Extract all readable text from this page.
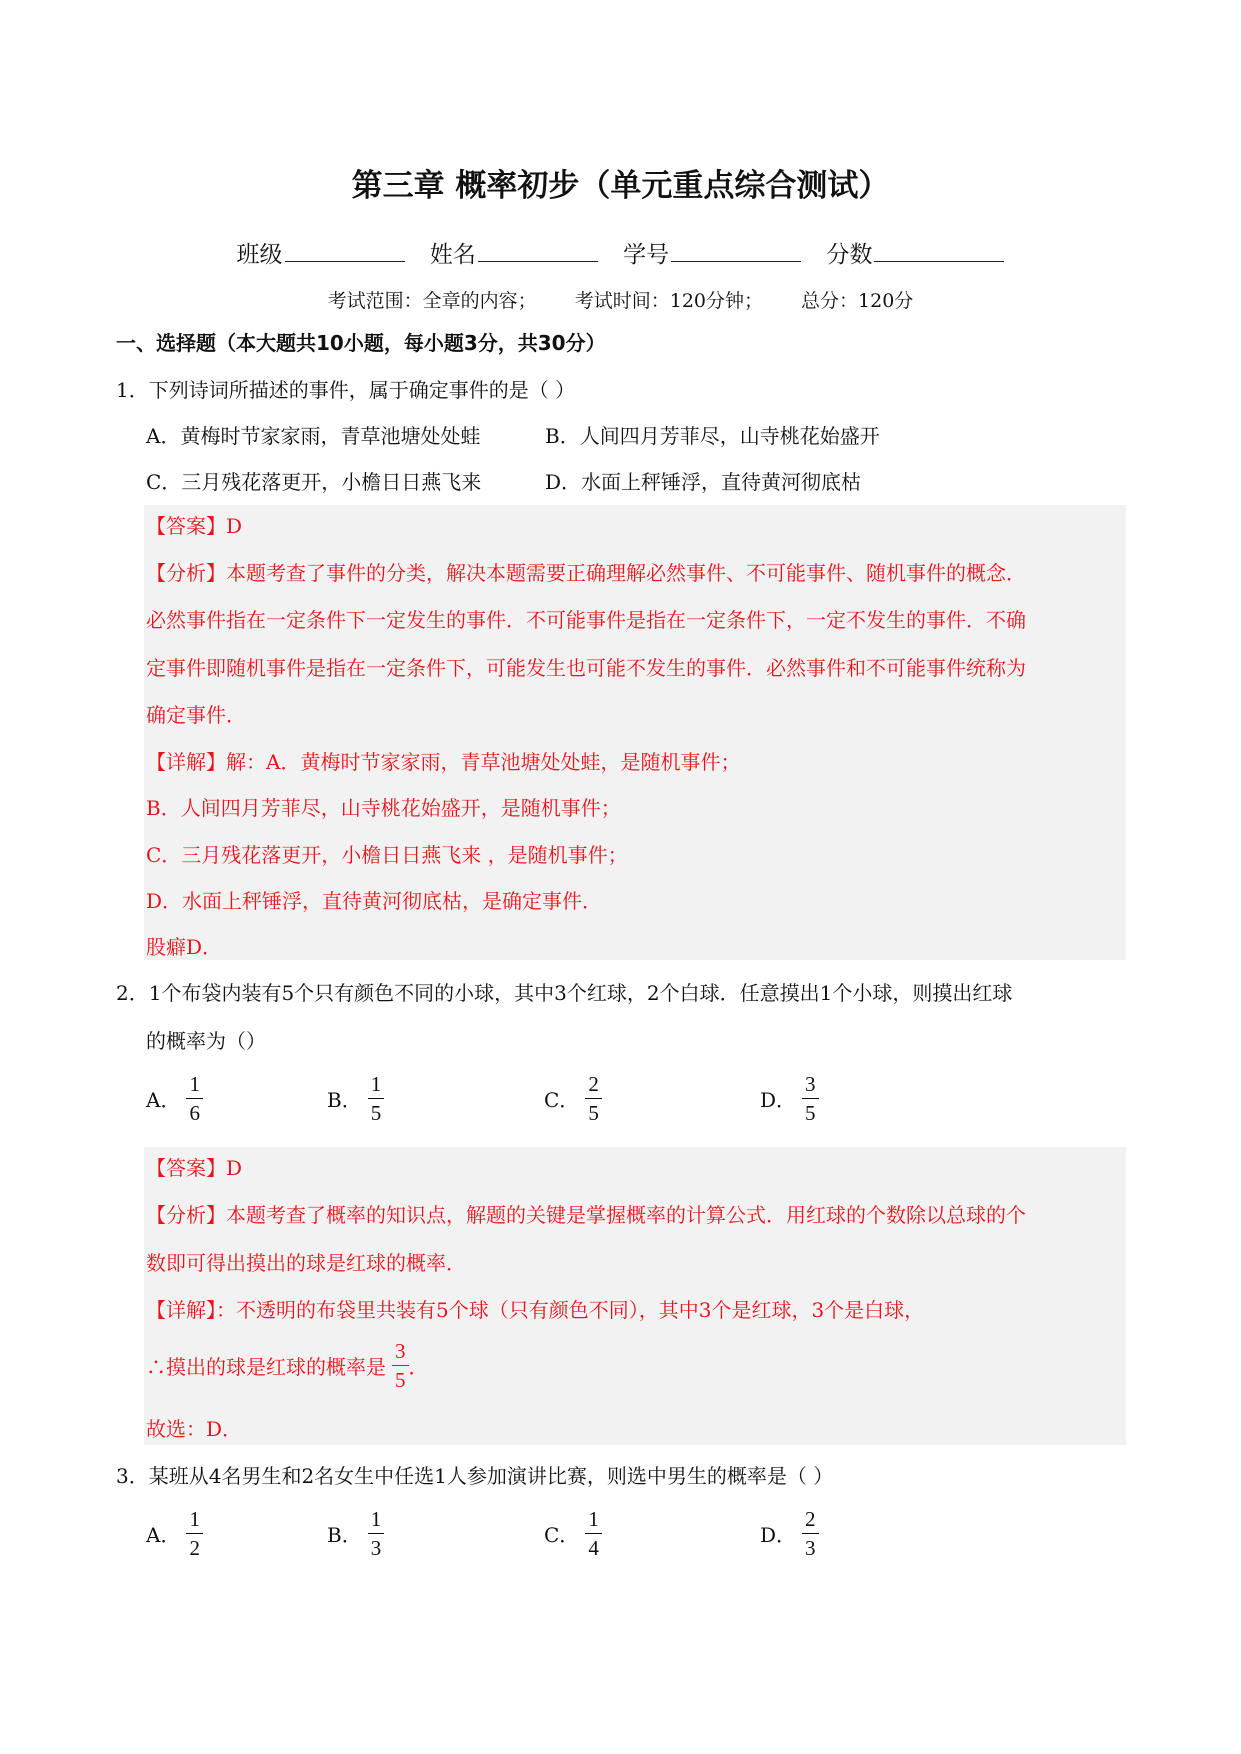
第三章 概率初步（单元重点综合测试）
班级	姓名	学号	分数
考试范围：全章的内容； 考试时间：120分钟； 总分：120分
一、选择题（本大题共10小题，每小题3分，共30分）
1．下列诗词所描述的事件，属于确定事件的是（ ）
A．黄梅时节家家雨，青草池塘处处蛙	B．人间四月芳菲尽，山寺桃花始盛开
C．三月残花落更开，小檐日日燕飞来	D．水面上秤锤浮，直待黄河彻底枯
【答案】D
【分析】本题考查了事件的分类，解决本题需要正确理解必然事件、不可能事件、随机事件的概念．
必然事件指在一定条件下一定发生的事件．不可能事件是指在一定条件下，一定不发生的事件．不确
定事件即随机事件是指在一定条件下，可能发生也可能不发生的事件．必然事件和不可能事件统称为
确定事件．
【详解】解：A．黄梅时节家家雨，青草池塘处处蛙，是随机事件；
B．人间四月芳菲尽，山寺桃花始盛开，是随机事件；
C．三月残花落更开，小檐日日燕飞来 ，是随机事件；
D．水面上秤锤浮，直待黄河彻底枯，是确定事件．
股癖D．
2．1个布袋内装有5个只有颜色不同的小球，其中3个红球，2个白球．任意摸出1个小球，则摸出红球
的概率为（）
A． $\frac{1}{6}$	B． $\frac{1}{5}$	C． $\frac{2}{5}$	D． $\frac{3}{5}$
【答案】D
【分析】本题考查了概率的知识点，解题的关键是掌握概率的计算公式．用红球的个数除以总球的个
数即可得出摸出的球是红球的概率．
【详解】：不透明的布袋里共装有5个球（只有颜色不同），其中3个是红球，3个是白球，
∴摸出的球是红球的概率是 $\frac{3}{5}$ ．
故选：D．
3．某班从4名男生和2名女生中任选1人参加演讲比赛，则选中男生的概率是（ ）
A． $\frac{1}{2}$	B． $\frac{1}{3}$	C． $\frac{1}{4}$	D． $\frac{2}{3}$
